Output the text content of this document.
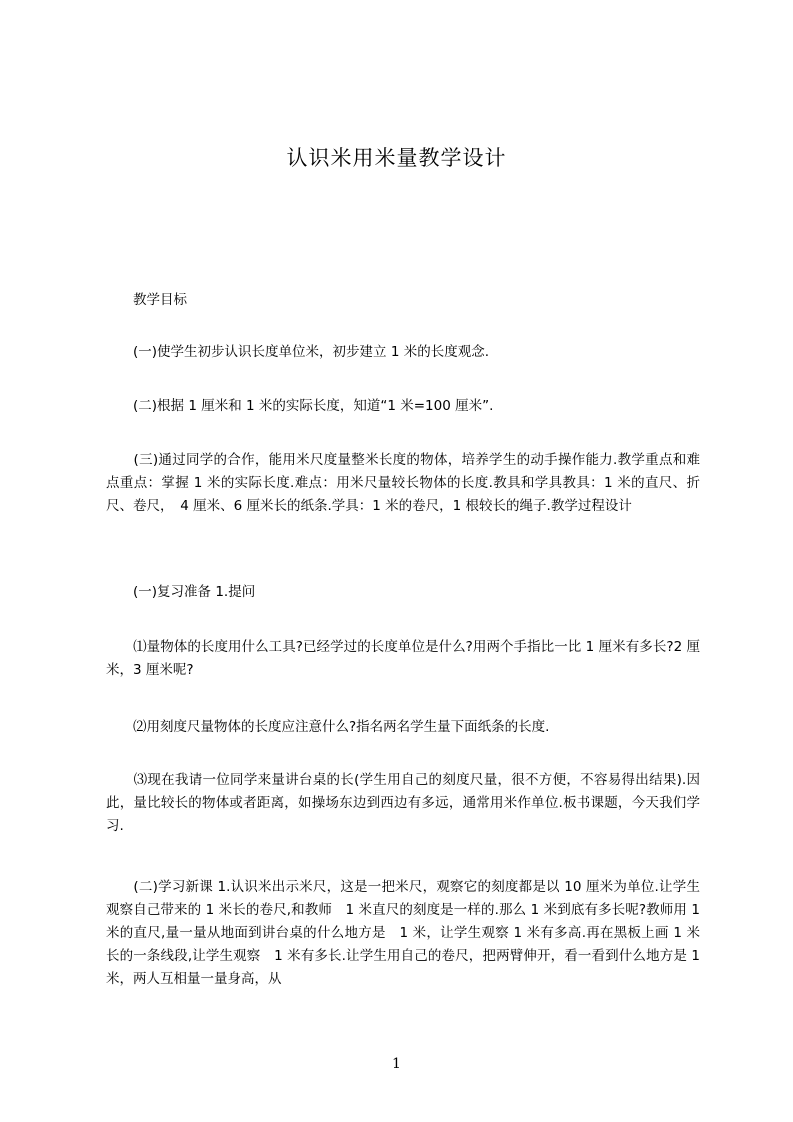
认识米用米量教学设计

　　教学目标

　　(一)使学生初步认识长度单位米，初步建立 1 米的长度观念.

　　(二)根据 1 厘米和 1 米的实际长度，知道“1 米=100 厘米”.

　　(三)通过同学的合作，能用米尺度量整米长度的物体，培养学生的动手操作能力.教学重点和难点重点：掌握 1 米的实际长度.难点：用米尺量较长物体的长度.教具和学具教具：1 米的直尺、折尺、卷尺，　4 厘米、6 厘米长的纸条.学具：1 米的卷尺，1 根较长的绳子.教学过程设计

　　(一)复习准备 1.提问

　　⑴量物体的长度用什么工具?已经学过的长度单位是什么?用两个手指比一比 1 厘米有多长?2 厘米，3 厘米呢?

　　⑵用刻度尺量物体的长度应注意什么?指名两名学生量下面纸条的长度.

　　⑶现在我请一位同学来量讲台桌的长(学生用自己的刻度尺量，很不方便，不容易得出结果).因此，量比较长的物体或者距离，如操场东边到西边有多远，通常用米作单位.板书课题，今天我们学习.

　　(二)学习新课 1.认识米出示米尺，这是一把米尺，观察它的刻度都是以 10 厘米为单位.让学生观察自己带来的 1 米长的卷尺,和教师　1 米直尺的刻度是一样的.那么 1 米到底有多长呢?教师用 1 米的直尺,量一量从地面到讲台桌的什么地方是　1 米，让学生观察 1 米有多高.再在黑板上画 1 米长的一条线段,让学生观察　1 米有多长.让学生用自己的卷尺，把两臂伸开，看一看到什么地方是 1 米，两人互相量一量身高，从

1
